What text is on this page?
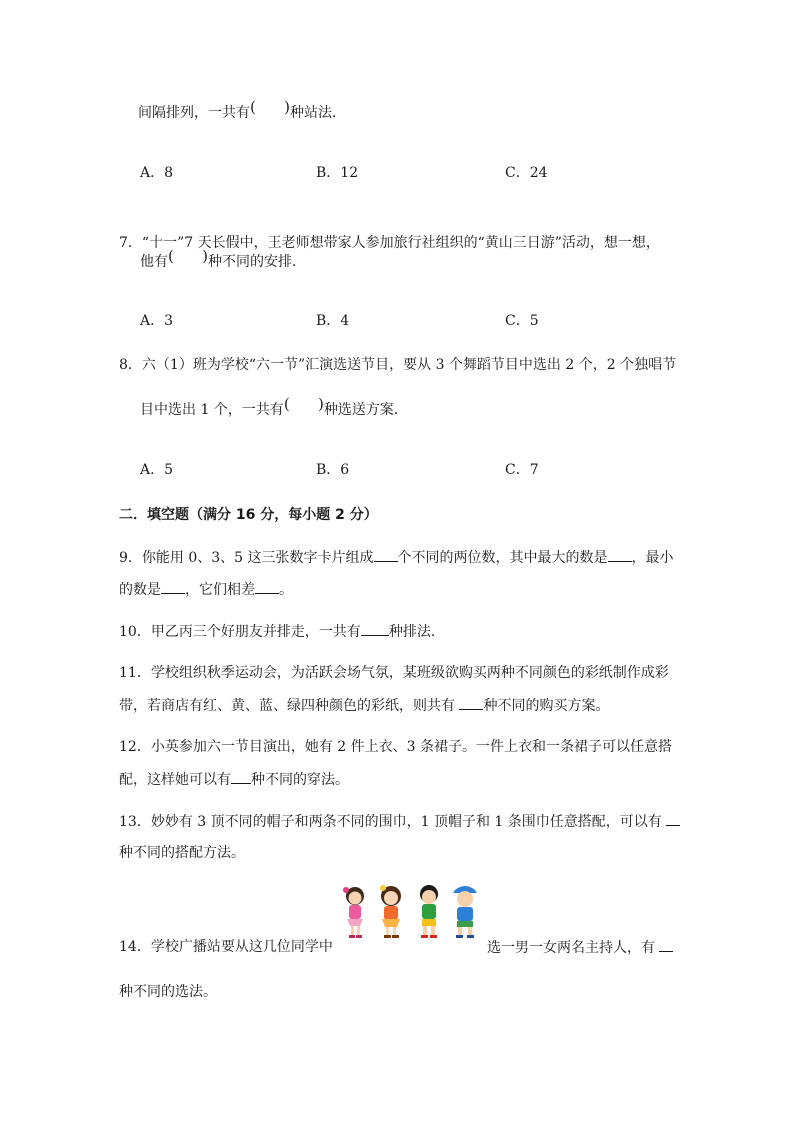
间隔排列，一共有 ( ) 种站法．
A．8	B．12	C．24
7．“十一”7 天长假中，王老师想带家人参加旅行社组织的“黄山三日游”活动，想一想，
他有 ( ) 种不同的安排．
A．3	B．4	C．5
8．六（1）班为学校“六一节”汇演选送节目，要从 3 个舞蹈节目中选出 2 个，2 个独唱节
目中选出 1 个，一共有 ( ) 种选送方案．
A．5	B．6	C．7
二．填空题（满分 16 分，每小题 2 分）
9．你能用 0、3、5 这三张数字卡片组成 个不同的两位数，其中最大的数是 ，最小
的数是 ，它们相差 。
10．甲乙丙三个好朋友并排走，一共有 种排法．
11．学校组织秋季运动会，为活跃会场气氛，某班级欲购买两种不同颜色的彩纸制作成彩
带，若商店有红、黄、蓝、绿四种颜色的彩纸，则共有 种不同的购买方案。
12．小英参加六一节目演出，她有 2 件上衣、3 条裙子。一件上衣和一条裙子可以任意搭
配，这样她可以有 种不同的穿法。
13．妙妙有 3 顶不同的帽子和两条不同的围巾，1 顶帽子和 1 条围巾任意搭配，可以有
种不同的搭配方法。
14．学校广播站要从这几位同学中	选一男一女两名主持人，有
种不同的选法。
